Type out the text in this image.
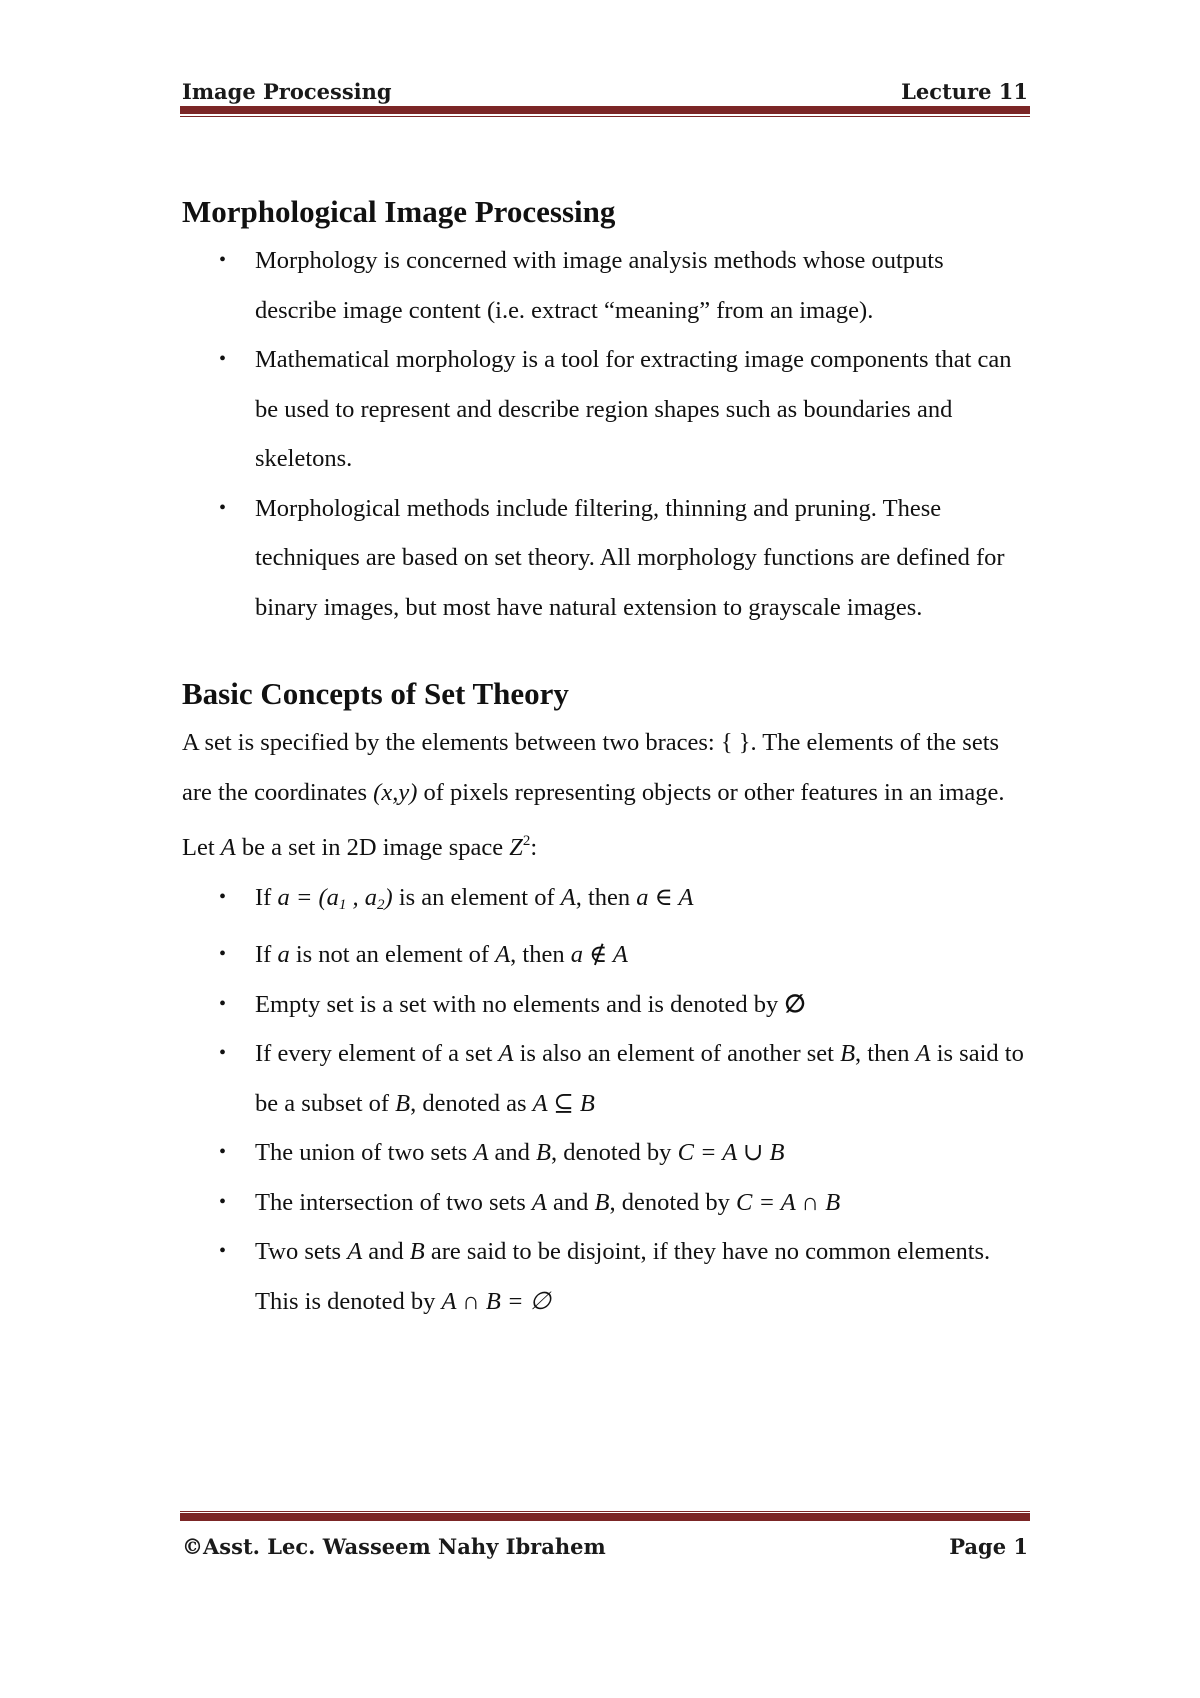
Image Processing	Lecture 11
Morphological Image Processing
• Morphology is concerned with image analysis methods whose outputs describe image content (i.e. extract “meaning” from an image).
• Mathematical morphology is a tool for extracting image components that can be used to represent and describe region shapes such as boundaries and skeletons.
• Morphological methods include filtering, thinning and pruning. These techniques are based on set theory. All morphology functions are defined for binary images, but most have natural extension to grayscale images.
Basic Concepts of Set Theory

A set is specified by the elements between two braces: { }. The elements of the sets are the coordinates (x,y) of pixels representing objects or other features in an image.

Let A be a set in 2D image space $Z^2$:

• If $a = (a_1$ , $a_2$) is an element of A, then a ∈ A
• If a is not an element of A, then a ∉ A
• Empty set is a set with no elements and is denoted by ∅
• If every element of a set A is also an element of another set B, then A is said to be a subset of B, denoted as A ⊆ B
• The union of two sets A and B, denoted by C = A ∪ B
• The intersection of two sets A and B, denoted by C = A ∩ B
• Two sets A and B are said to be disjoint, if they have no common elements. This is denoted by A ∩ B = ∅
©Asst. Lec. Wasseem Nahy Ibrahem	Page 1
